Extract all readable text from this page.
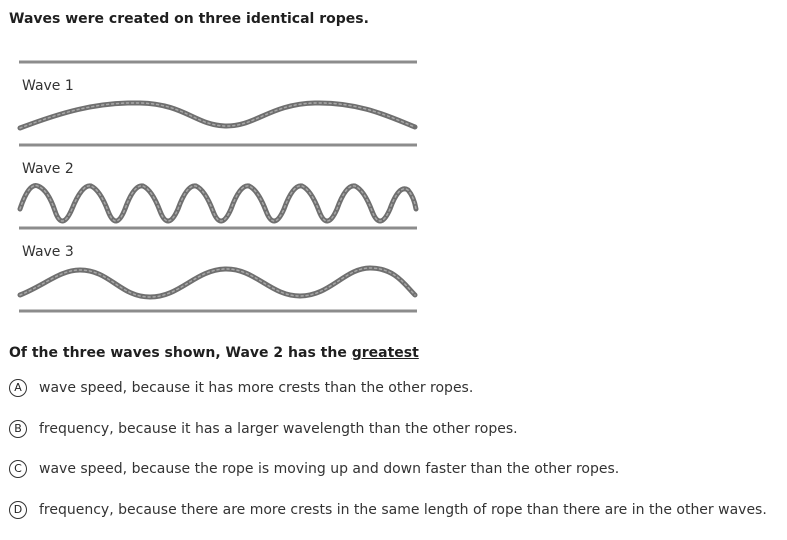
Waves were created on three identical ropes.
Wave 1
Wave 2
Wave 3
Of the three waves shown, Wave 2 has the greatest
A	wave speed, because it has more crests than the other ropes.
B	frequency, because it has a larger wavelength than the other ropes.
C	wave speed, because the rope is moving up and down faster than the other ropes.
D	frequency, because there are more crests in the same length of rope than there are in the other waves.
